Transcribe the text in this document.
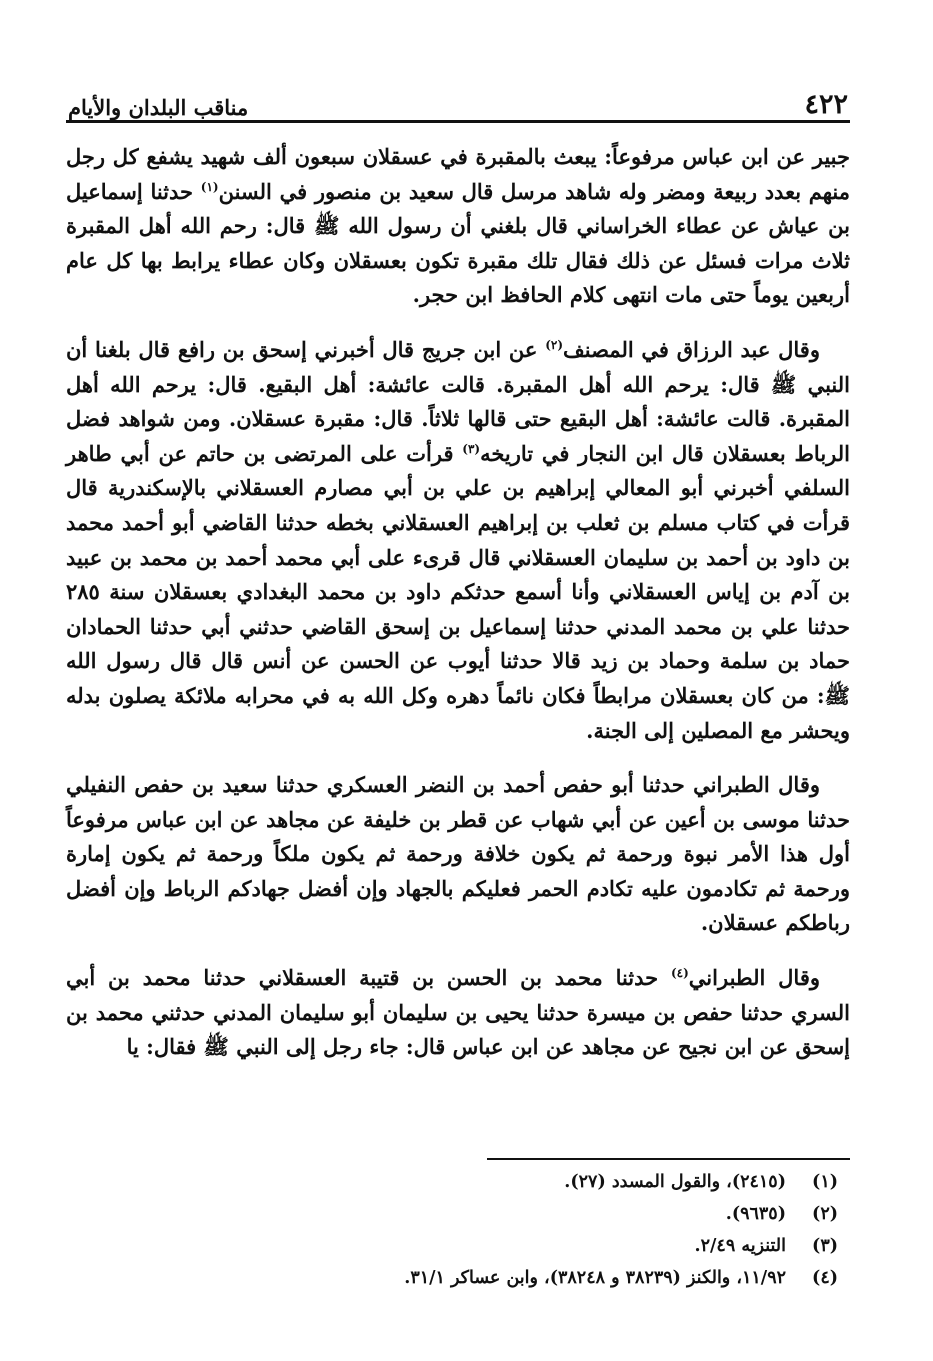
٤٢٢
مناقب البلدان والأيام

جبير عن ابن عباس مرفوعاً: يبعث بالمقبرة في عسقلان سبعون ألف شهيد يشفع كل رجل منهم بعدد ربيعة ومضر وله شاهد مرسل قال سعيد بن منصور في السنن$^{(١)}$ حدثنا إسماعيل بن عياش عن عطاء الخراساني قال بلغني أن رسول الله ﷺ قال: رحم الله أهل المقبرة ثلاث مرات فسئل عن ذلك فقال تلك مقبرة تكون بعسقلان وكان عطاء يرابط بها كل عام أربعين يوماً حتى مات انتهى كلام الحافظ ابن حجر.

وقال عبد الرزاق في المصنف$^{(٢)}$ عن ابن جريج قال أخبرني إسحق بن رافع قال بلغنا أن النبي ﷺ قال: يرحم الله أهل المقبرة. قالت عائشة: أهل البقيع. قال: يرحم الله أهل المقبرة. قالت عائشة: أهل البقيع حتى قالها ثلاثاً. قال: مقبرة عسقلان. ومن شواهد فضل الرباط بعسقلان قال ابن النجار في تاريخه$^{(٣)}$ قرأت على المرتضى بن حاتم عن أبي طاهر السلفي أخبرني أبو المعالي إبراهيم بن علي بن أبي مصارم العسقلاني بالإسكندرية قال قرأت في كتاب مسلم بن ثعلب بن إبراهيم العسقلاني بخطه حدثنا القاضي أبو أحمد محمد بن داود بن أحمد بن سليمان العسقلاني قال قرىء على أبي محمد أحمد بن محمد بن عبيد بن آدم بن إياس العسقلاني وأنا أسمع حدثكم داود بن محمد البغدادي بعسقلان سنة ٢٨٥ حدثنا علي بن محمد المدني حدثنا إسماعيل بن إسحق القاضي حدثني أبي حدثنا الحمادان حماد بن سلمة وحماد بن زيد قالا حدثنا أيوب عن الحسن عن أنس قال قال رسول الله ﷺ: من كان بعسقلان مرابطاً فكان نائماً دهره وكل الله به في محرابه ملائكة يصلون بدله ويحشر مع المصلين إلى الجنة.

وقال الطبراني حدثنا أبو حفص أحمد بن النضر العسكري حدثنا سعيد بن حفص النفيلي حدثنا موسى بن أعين عن أبي شهاب عن قطر بن خليفة عن مجاهد عن ابن عباس مرفوعاً أول هذا الأمر نبوة ورحمة ثم يكون خلافة ورحمة ثم يكون ملكاً ورحمة ثم يكون إمارة ورحمة ثم تكادمون عليه تكادم الحمر فعليكم بالجهاد وإن أفضل جهادكم الرباط وإن أفضل رباطكم عسقلان.

وقال الطبراني$^{(٤)}$ حدثنا محمد بن الحسن بن قتيبة العسقلاني حدثنا محمد بن أبي السري حدثنا حفص بن ميسرة حدثنا يحيى بن سليمان أبو سليمان المدني حدثني محمد بن إسحق عن ابن نجيح عن مجاهد عن ابن عباس قال: جاء رجل إلى النبي ﷺ فقال: يا

(١)
(٢٤١٥)، والقول المسدد (٢٧).
(٢)
(٩٦٣٥).
(٣)
التنزيه ٢/٤٩.
(٤)
١١/٩٢، والكنز (٣٨٢٣٩ و ٣٨٢٤٨)، وابن عساكر ٣١/١.
